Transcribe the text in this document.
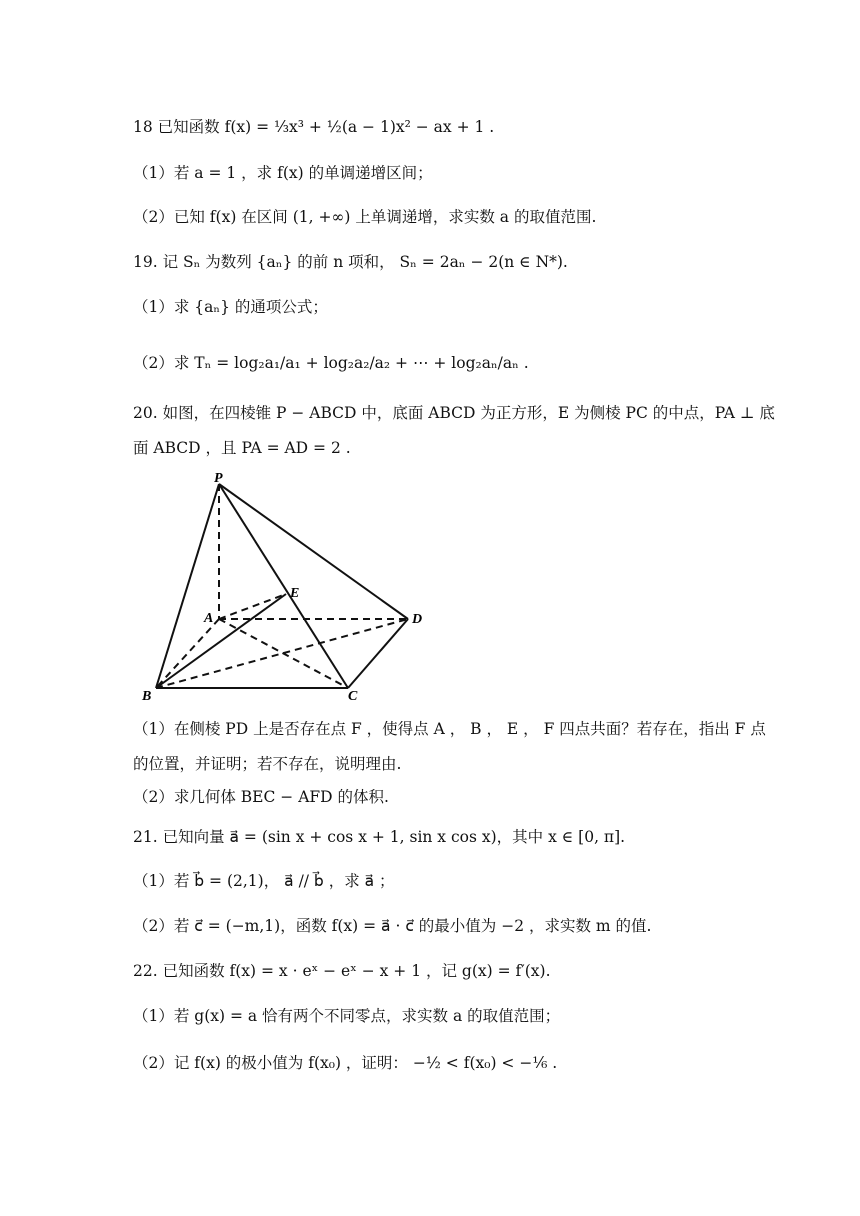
18 已知函数 f(x) = ⅓x³ + ½(a − 1)x² − ax + 1 .
（1）若 a = 1 ，求 f(x) 的单调递增区间；
（2）已知 f(x) 在区间 (1, +∞) 上单调递增，求实数 a 的取值范围.
19. 记 Sₙ 为数列 {aₙ} 的前 n 项和， Sₙ = 2aₙ − 2(n ∈ N*).
（1）求 {aₙ} 的通项公式；
（2）求 Tₙ = log₂a₁/a₁ + log₂a₂/a₂ + ⋯ + log₂aₙ/aₙ .
20. 如图，在四棱锥 P − ABCD 中，底面 ABCD 为正方形，E 为侧棱 PC 的中点，PA ⊥ 底
面 ABCD ，且 PA = AD = 2 .
P
A
B	C
D
E
（1）在侧棱 PD 上是否存在点 F ，使得点 A ， B ， E ， F 四点共面？若存在，指出 F 点
的位置，并证明；若不存在，说明理由.
（2）求几何体 BEC − AFD 的体积.
21. 已知向量 a⃗ = (sin x + cos x + 1, sin x cos x)，其中 x ∈ [0, π].
（1）若 b⃗ = (2,1)， a⃗ // b⃗ ，求 a⃗ ；
（2）若 c⃗ = (−m,1)，函数 f(x) = a⃗ · c⃗ 的最小值为 −2 ，求实数 m 的值.
22. 已知函数 f(x) = x · eˣ − eˣ − x + 1 ，记 g(x) = f′(x).
（1）若 g(x) = a 恰有两个不同零点，求实数 a 的取值范围；
（2）记 f(x) 的极小值为 f(x₀) ，证明： −½ < f(x₀) < −⅙ .
